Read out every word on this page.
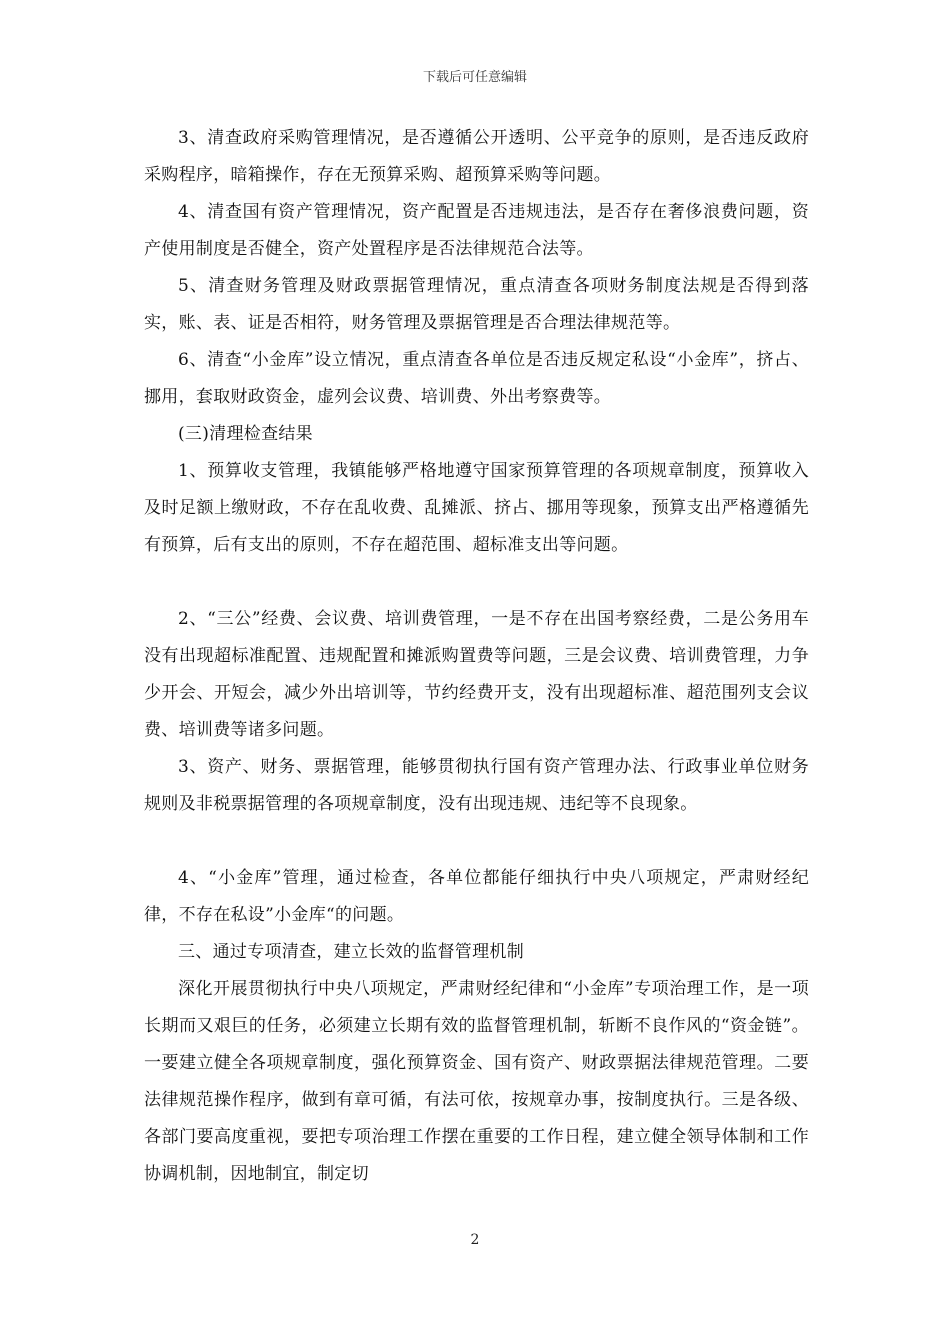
下载后可任意编辑

3、清查政府采购管理情况，是否遵循公开透明、公平竞争的原则，是否违反政府采购程序，暗箱操作，存在无预算采购、超预算采购等问题。

4、清查国有资产管理情况，资产配置是否违规违法，是否存在奢侈浪费问题，资产使用制度是否健全，资产处置程序是否法律规范合法等。

5、清查财务管理及财政票据管理情况，重点清查各项财务制度法规是否得到落实，账、表、证是否相符，财务管理及票据管理是否合理法律规范等。

6、清查“小金库”设立情况，重点清查各单位是否违反规定私设“小金库”，挤占、挪用，套取财政资金，虚列会议费、培训费、外出考察费等。

(三)清理检查结果

1、预算收支管理，我镇能够严格地遵守国家预算管理的各项规章制度，预算收入及时足额上缴财政，不存在乱收费、乱摊派、挤占、挪用等现象，预算支出严格遵循先有预算，后有支出的原则，不存在超范围、超标准支出等问题。

2、“三公”经费、会议费、培训费管理，一是不存在出国考察经费，二是公务用车没有出现超标准配置、违规配置和摊派购置费等问题，三是会议费、培训费管理，力争少开会、开短会，减少外出培训等，节约经费开支，没有出现超标准、超范围列支会议费、培训费等诸多问题。

3、资产、财务、票据管理，能够贯彻执行国有资产管理办法、行政事业单位财务规则及非税票据管理的各项规章制度，没有出现违规、违纪等不良现象。

4、“小金库”管理，通过检查，各单位都能仔细执行中央八项规定，严肃财经纪律，不存在私设”小金库“的问题。

三、通过专项清查，建立长效的监督管理机制

深化开展贯彻执行中央八项规定，严肃财经纪律和“小金库”专项治理工作，是一项长期而又艰巨的任务，必须建立长期有效的监督管理机制，斩断不良作风的“资金链”。一要建立健全各项规章制度，强化预算资金、国有资产、财政票据法律规范管理。二要法律规范操作程序，做到有章可循，有法可依，按规章办事，按制度执行。三是各级、各部门要高度重视，要把专项治理工作摆在重要的工作日程，建立健全领导体制和工作协调机制，因地制宜，制定切

2
